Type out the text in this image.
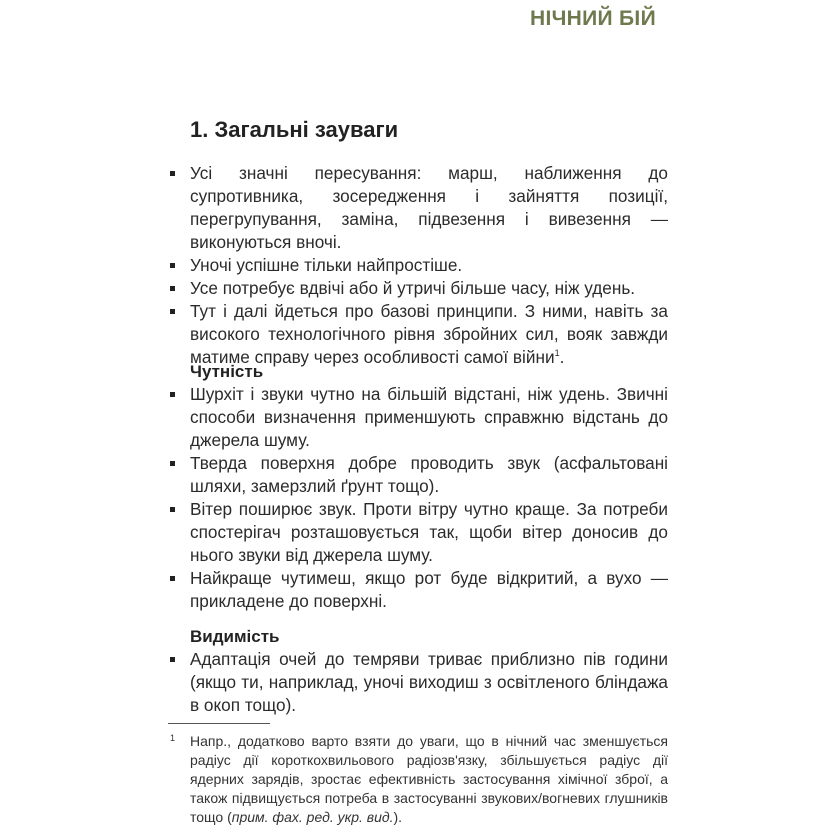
НІЧНИЙ БІЙ
1. Загальні зауваги
Усі значні пересування: марш, наближення до супротивника, зосередження і зайняття позиції, перегрупування, заміна, підвезення і вивезення — виконуються вночі.
Уночі успішне тільки найпростіше.
Усе потребує вдвічі або й утричі більше часу, ніж удень.
Тут і далі йдеться про базові принципи. З ними, навіть за високого технологічного рівня збройних сил, вояк завжди матиме справу через особливості самої війни$^1$.

Чутність

Шурхіт і звуки чутно на більшій відстані, ніж удень. Звичні способи визначення применшують справжню відстань до джерела шуму.
Тверда поверхня добре проводить звук (асфальтовані шляхи, замерзлий ґрунт тощо).
Вітер поширює звук. Проти вітру чутно краще. За потреби спостерігач розташовується так, щоби вітер доносив до нього звуки від джерела шуму.
Найкраще чутимеш, якщо рот буде відкритий, а вухо — прикладене до поверхні.

Видимість

Адаптація очей до темряви триває приблизно пів години (якщо ти, наприклад, уночі виходиш з освітленого бліндажа в окоп тощо).
1	Напр., додатково варто взяти до уваги, що в нічний час зменшується радіус дії короткохвильового радіозв'язку, збільшується радіус дії ядерних зарядів, зростає ефективність застосування хімічної зброї, а також підвищується потреба в застосуванні звукових/вогневих глушників тощо (прим. фах. ред. укр. вид.).
